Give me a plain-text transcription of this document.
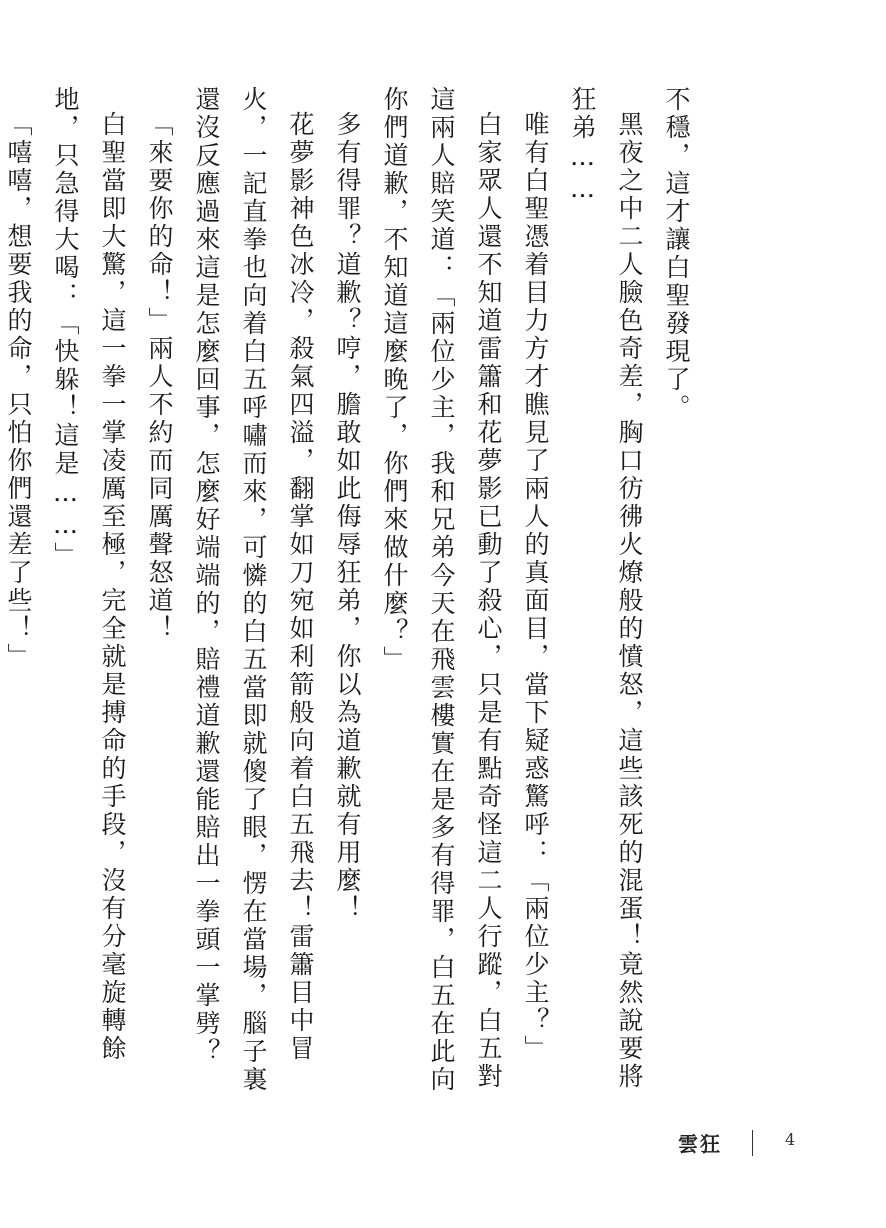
不穩，這才讓白聖發現了。

黑夜之中二人臉色奇差，胸口彷彿火燎般的憤怒，這些該死的混蛋！竟然說要將狂弟……

唯有白聖憑着目力方才瞧見了兩人的真面目，當下疑惑驚呼：「兩位少主？」

白家眾人還不知道雷簫和花夢影已動了殺心，只是有點奇怪這二人行蹤，白五對這兩人賠笑道：「兩位少主，我和兄弟今天在飛雲樓實在是多有得罪，白五在此向你們道歉，不知道這麼晚了，你們來做什麼？」

多有得罪？道歉？哼，膽敢如此侮辱狂弟，你以為道歉就有用麼！

花夢影神色冰冷，殺氣四溢，翻掌如刀宛如利箭般向着白五飛去！雷簫目中冒火，一記直拳也向着白五呼嘯而來，可憐的白五當即就傻了眼，愣在當場，腦子裏還沒反應過來這是怎麼回事，怎麼好端端的，賠禮道歉還能賠出一拳頭一掌劈？

「來要你的命！」兩人不約而同厲聲怒道！

白聖當即大驚，這一拳一掌凌厲至極，完全就是搏命的手段，沒有分毫旋轉餘地，只急得大喝：「快躲！這是……」

「嘻嘻，想要我的命，只怕你們還差了些！」

雲狂	4
